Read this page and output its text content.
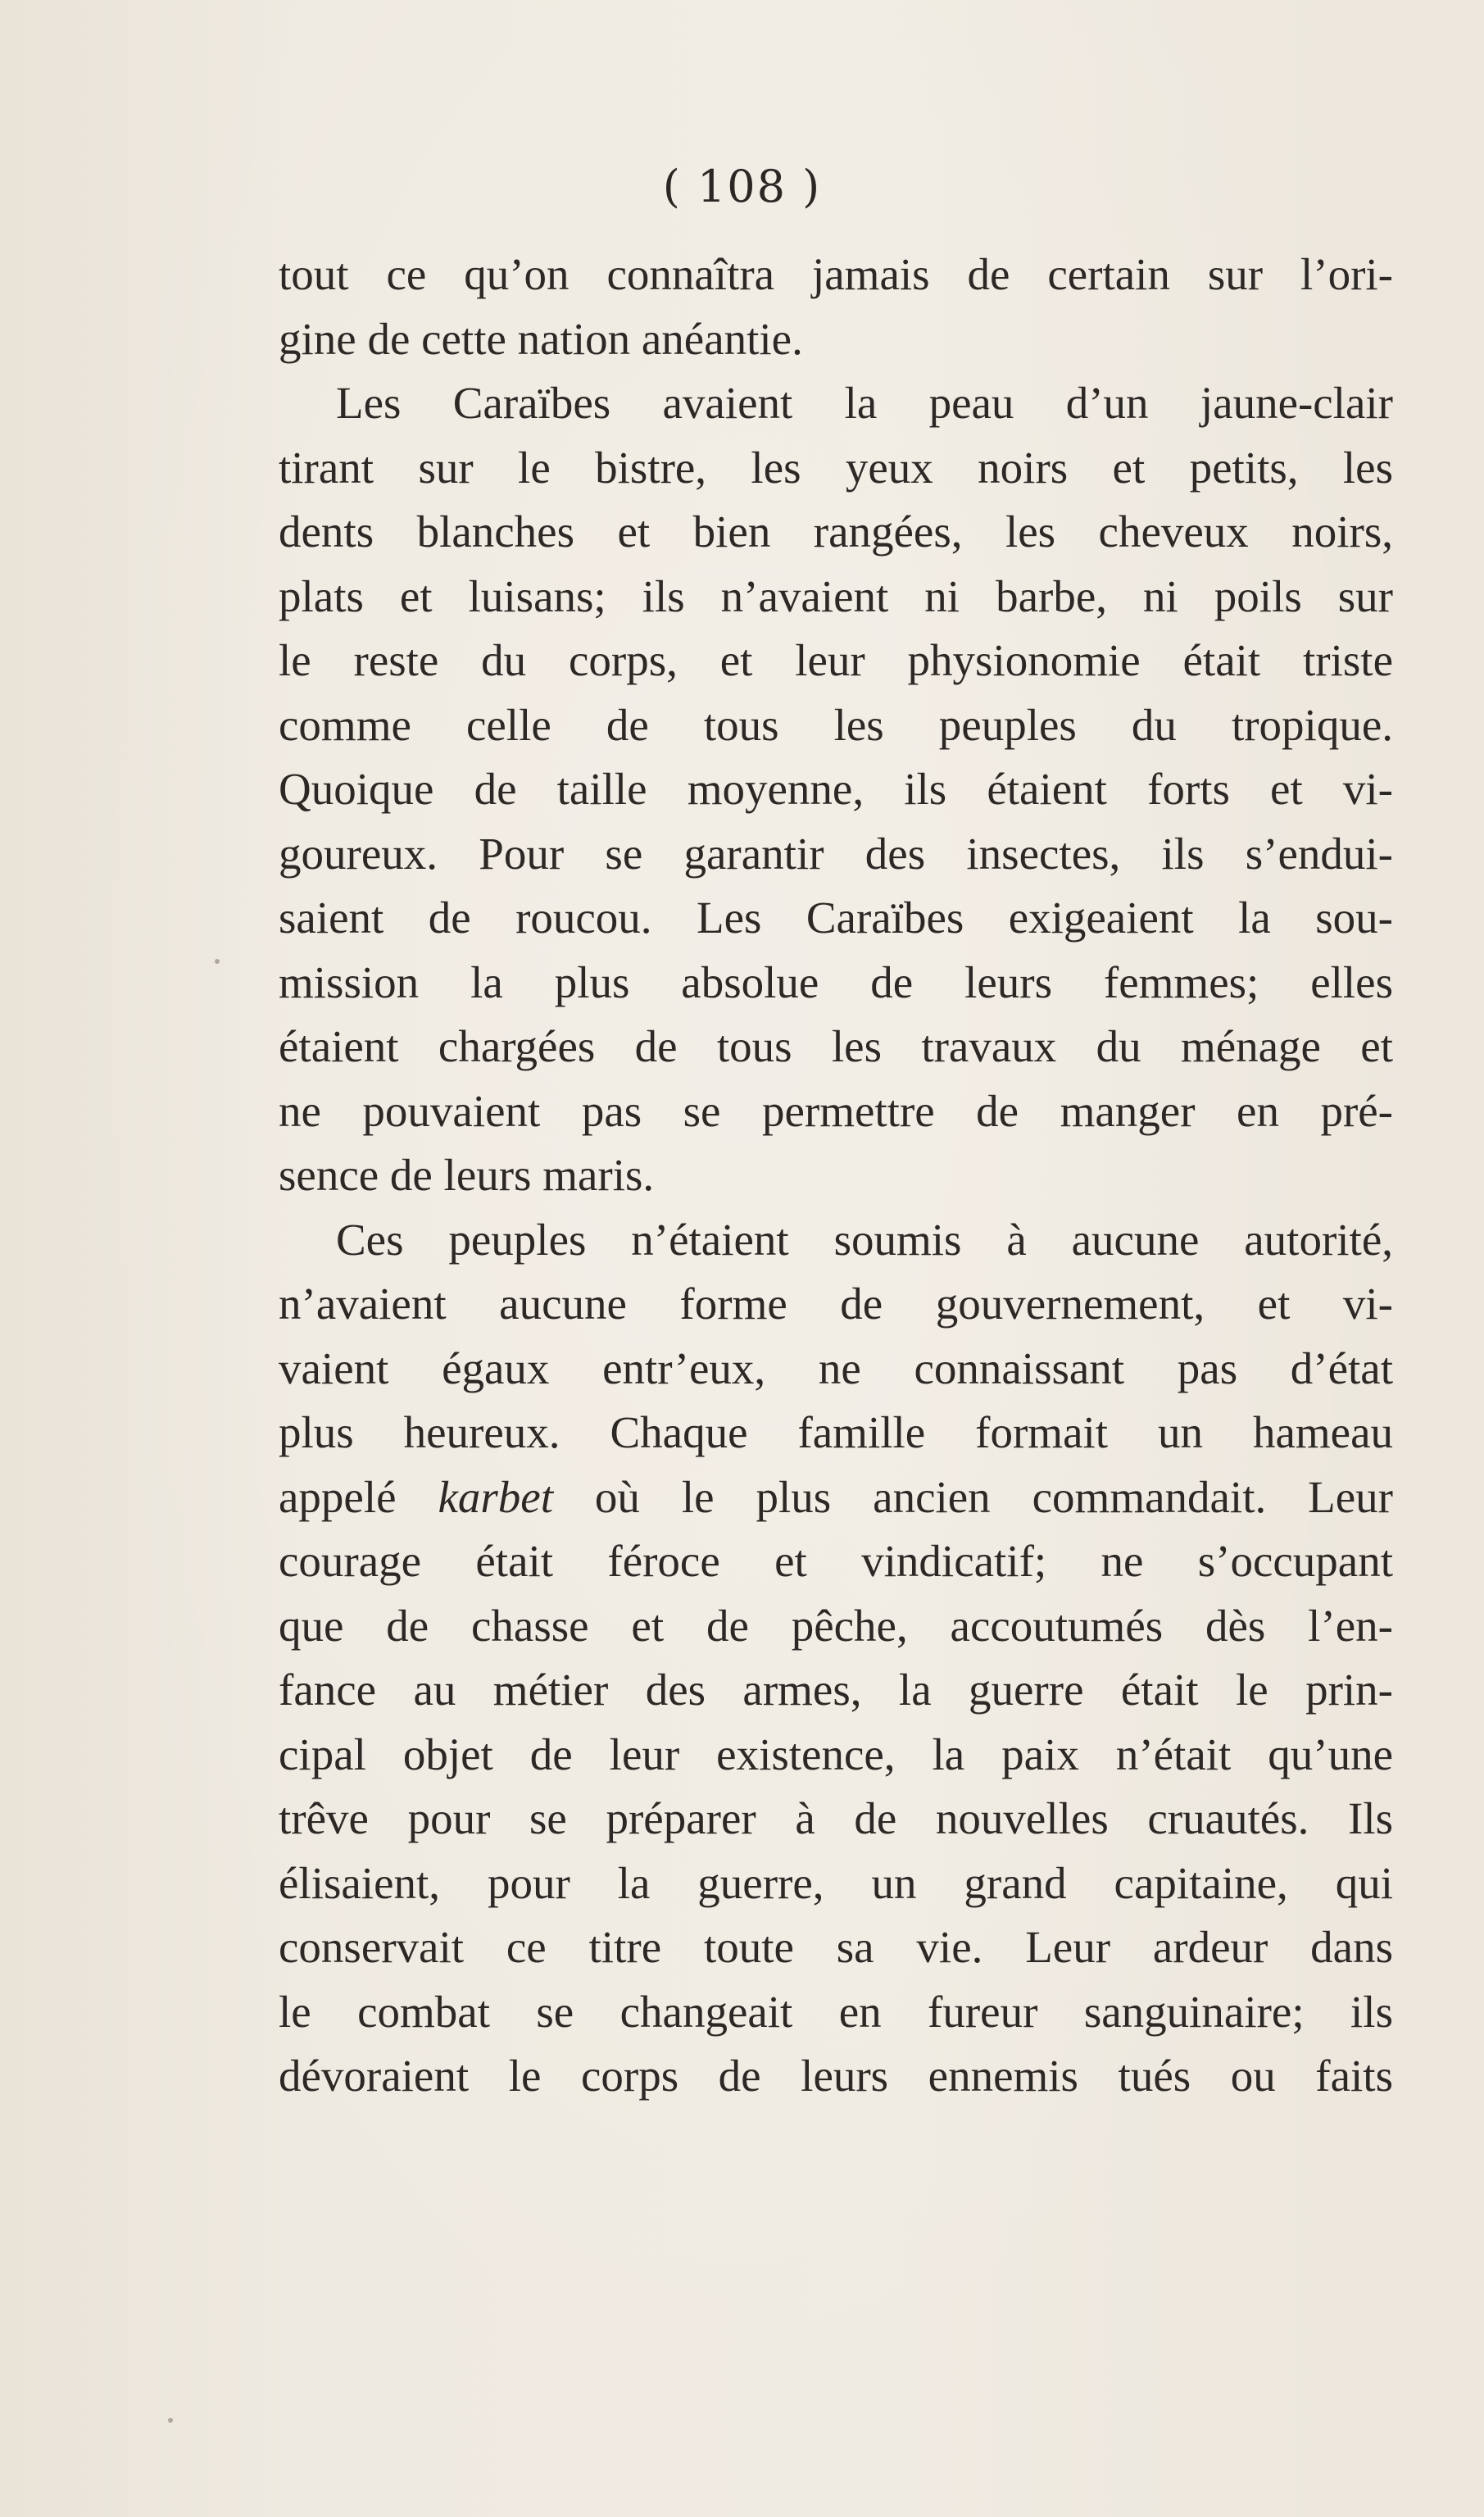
( 108 )
tout ce qu’on connaîtra jamais de certain sur l’ori-
gine de cette nation anéantie.
Les Caraïbes avaient la peau d’un jaune-clair
tirant sur le bistre, les yeux noirs et petits, les
dents blanches et bien rangées, les cheveux noirs,
plats et luisans; ils n’avaient ni barbe, ni poils sur
le reste du corps, et leur physionomie était triste
comme celle de tous les peuples du tropique.
Quoique de taille moyenne, ils étaient forts et vi-
goureux. Pour se garantir des insectes, ils s’endui-
saient de roucou. Les Caraïbes exigeaient la sou-
mission la plus absolue de leurs femmes; elles
étaient chargées de tous les travaux du ménage et
ne pouvaient pas se permettre de manger en pré-
sence de leurs maris.
Ces peuples n’étaient soumis à aucune autorité,
n’avaient aucune forme de gouvernement, et vi-
vaient égaux entr’eux, ne connaissant pas d’état
plus heureux. Chaque famille formait un hameau
appelé karbet où le plus ancien commandait. Leur
courage était féroce et vindicatif; ne s’occupant
que de chasse et de pêche, accoutumés dès l’en-
fance au métier des armes, la guerre était le prin-
cipal objet de leur existence, la paix n’était qu’une
trêve pour se préparer à de nouvelles cruautés. Ils
élisaient, pour la guerre, un grand capitaine, qui
conservait ce titre toute sa vie. Leur ardeur dans
le combat se changeait en fureur sanguinaire; ils
dévoraient le corps de leurs ennemis tués ou faits
